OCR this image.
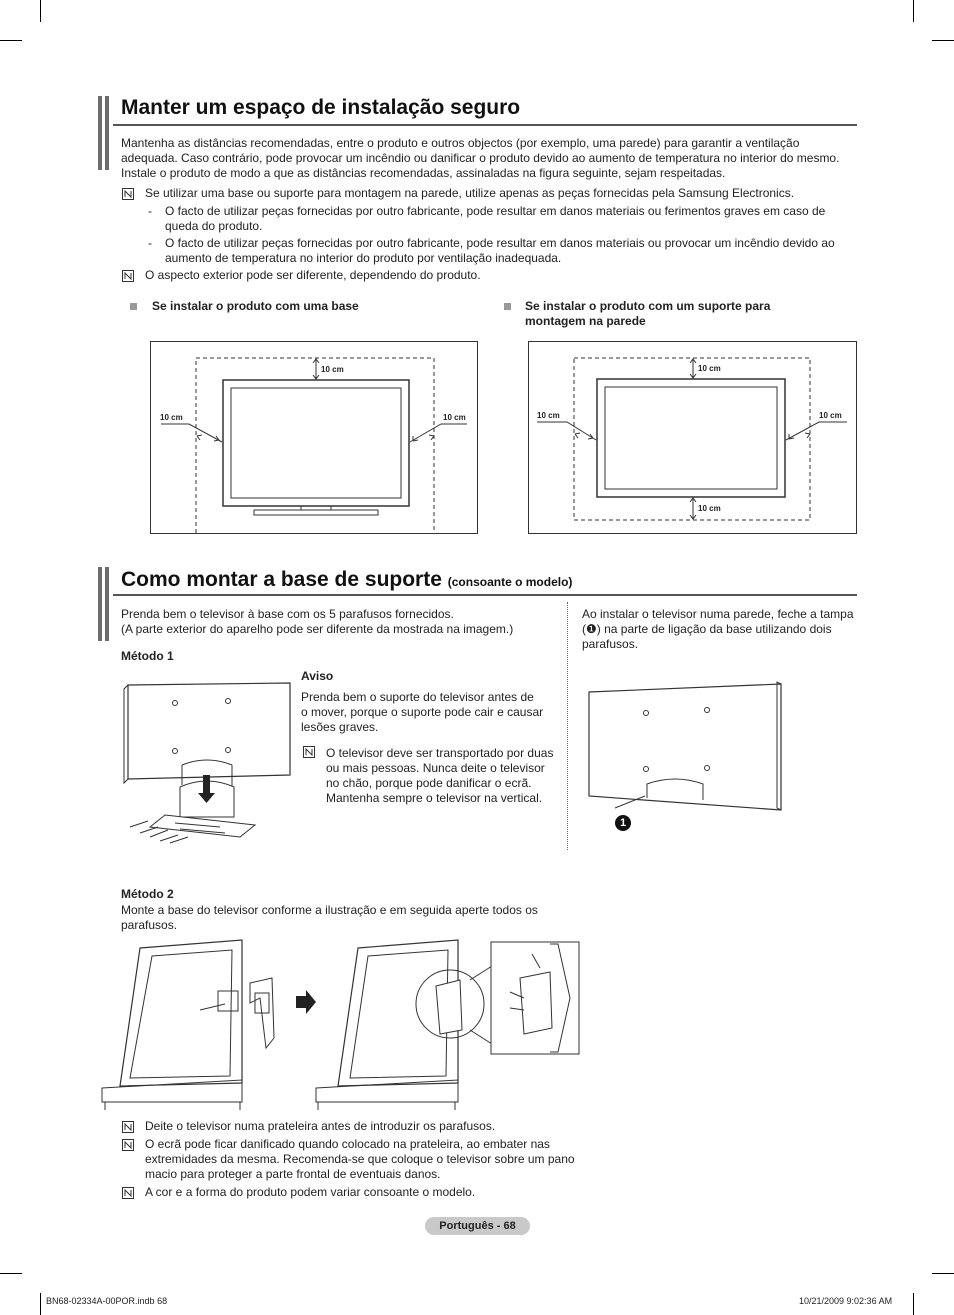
Manter um espaço de instalação seguro
Mantenha as distâncias recomendadas, entre o produto e outros objectos (por exemplo, uma parede) para garantir a ventilação
adequada. Caso contrário, pode provocar um incêndio ou danificar o produto devido ao aumento de temperatura no interior do mesmo.
Instale o produto de modo a que as distâncias recomendadas, assinaladas na figura seguinte, sejam respeitadas.
Se utilizar uma base ou suporte para montagem na parede, utilize apenas as peças fornecidas pela Samsung Electronics.
- O facto de utilizar peças fornecidas por outro fabricante, pode resultar em danos materiais ou ferimentos graves em caso de
queda do produto.
- O facto de utilizar peças fornecidas por outro fabricante, pode resultar em danos materiais ou provocar um incêndio devido ao
aumento de temperatura no interior do produto por ventilação inadequada.
O aspecto exterior pode ser diferente, dependendo do produto.
Se instalar o produto com uma base	Se instalar o produto com um suporte para
montagem na parede
10 cm
10 cm	10 cm
10 cm
10 cm	10 cm
10 cm
Como montar a base de suporte (consoante o modelo)
Prenda bem o televisor à base com os 5 parafusos fornecidos.
(A parte exterior do aparelho pode ser diferente da mostrada na imagem.)
Método 1
Aviso
Prenda bem o suporte do televisor antes de
o mover, porque o suporte pode cair e causar
lesões graves.
O televisor deve ser transportado por duas
ou mais pessoas. Nunca deite o televisor
no chão, porque pode danificar o ecrã.
Mantenha sempre o televisor na vertical.
Ao instalar o televisor numa parede, feche a tampa
(❶) na parte de ligação da base utilizando dois
parafusos.
1
Método 2
Monte a base do televisor conforme a ilustração e em seguida aperte todos os
parafusos.
Deite o televisor numa prateleira antes de introduzir os parafusos.
O ecrã pode ficar danificado quando colocado na prateleira, ao embater nas
extremidades da mesma. Recomenda-se que coloque o televisor sobre um pano
macio para proteger a parte frontal de eventuais danos.
A cor e a forma do produto podem variar consoante o modelo.
Português - 68
BN68-02334A-00POR.indb 68	10/21/2009 9:02:36 AM
